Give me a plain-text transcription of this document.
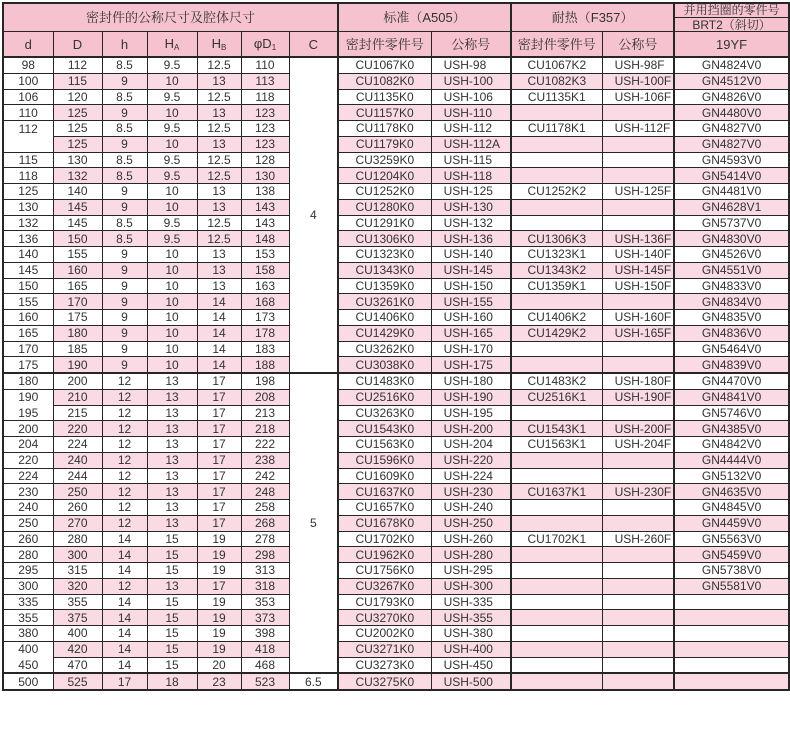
密封件的公称尺寸及腔体尺寸							标准（A505）		耐热（F357）		并用挡圈的零件号
BRT2（斜切）

d	D	h	$H_A$	$H_B$	$\varphi D_1$	C	密封件零件号	公称号	密封件零件号	公称号	19YF
98	112	8.5	9.5	12.5	110	4	CU1067K0	USH-98	CU1067K2	USH-98F	GN4824V0
100	115	9	10	13	113		CU1082K0	USH-100	CU1082K3	USH-100F	GN4512V0
106	120	8.5	9.5	12.5	118		CU1135K0	USH-106	CU1135K1	USH-106F	GN4826V0
110	125	9	10	13	123		CU1157K0	USH-110			GN4480V0
112	125	8.5	9.5	12.5	123		CU1178K0	USH-112	CU1178K1	USH-112F	GN4827V0
	125	9	10	13	123		CU1179K0	USH-112A			GN4827V0
115	130	8.5	9.5	12.5	128		CU3259K0	USH-115			GN4593V0
118	132	8.5	9.5	12.5	130		CU1204K0	USH-118			GN5414V0
125	140	9	10	13	138		CU1252K0	USH-125	CU1252K2	USH-125F	GN4481V0
130	145	9	10	13	143		CU1280K0	USH-130			GN4628V1
132	145	8.5	9.5	12.5	143		CU1291K0	USH-132			GN5737V0
136	150	8.5	9.5	12.5	148		CU1306K0	USH-136	CU1306K3	USH-136F	GN4830V0
140	155	9	10	13	153		CU1323K0	USH-140	CU1323K1	USH-140F	GN4526V0
145	160	9	10	13	158		CU1343K0	USH-145	CU1343K2	USH-145F	GN4551V0
150	165	9	10	13	163		CU1359K0	USH-150	CU1359K1	USH-150F	GN4833V0
155	170	9	10	14	168		CU3261K0	USH-155			GN4834V0
160	175	9	10	14	173		CU1406K0	USH-160	CU1406K2	USH-160F	GN4835V0
165	180	9	10	14	178		CU1429K0	USH-165	CU1429K2	USH-165F	GN4836V0
170	185	9	10	14	183		CU3262K0	USH-170			GN5464V0
175	190	9	10	14	188		CU3038K0	USH-175			GN4839V0
180	200	12	13	17	198	5	CU1483K0	USH-180	CU1483K2	USH-180F	GN4470V0
190	210	12	13	17	208		CU2516K0	USH-190	CU2516K1	USH-190F	GN4841V0
195	215	12	13	17	213		CU3263K0	USH-195			GN5746V0
200	220	12	13	17	218		CU1543K0	USH-200	CU1543K1	USH-200F	GN4385V0
204	224	12	13	17	222		CU1563K0	USH-204	CU1563K1	USH-204F	GN4842V0
220	240	12	13	17	238		CU1596K0	USH-220			GN4444V0
224	244	12	13	17	242		CU1609K0	USH-224			GN5132V0
230	250	12	13	17	248		CU1637K0	USH-230	CU1637K1	USH-230F	GN4635V0
240	260	12	13	17	258		CU1657K0	USH-240			GN4845V0
250	270	12	13	17	268		CU1678K0	USH-250			GN4459V0
260	280	14	15	19	278		CU1702K0	USH-260	CU1702K1	USH-260F	GN5563V0
280	300	14	15	19	298		CU1962K0	USH-280			GN5459V0
295	315	14	15	19	313		CU1756K0	USH-295			GN5738V0
300	320	12	13	17	318		CU3267K0	USH-300			GN5581V0
335	355	14	15	19	353		CU1793K0	USH-335			
355	375	14	15	19	373		CU3270K0	USH-355			
380	400	14	15	19	398		CU2002K0	USH-380			
400	420	14	15	19	418		CU3271K0	USH-400			
450	470	14	15	20	468		CU3273K0	USH-450			
500	525	17	18	23	523	6.5	CU3275K0	USH-500			
